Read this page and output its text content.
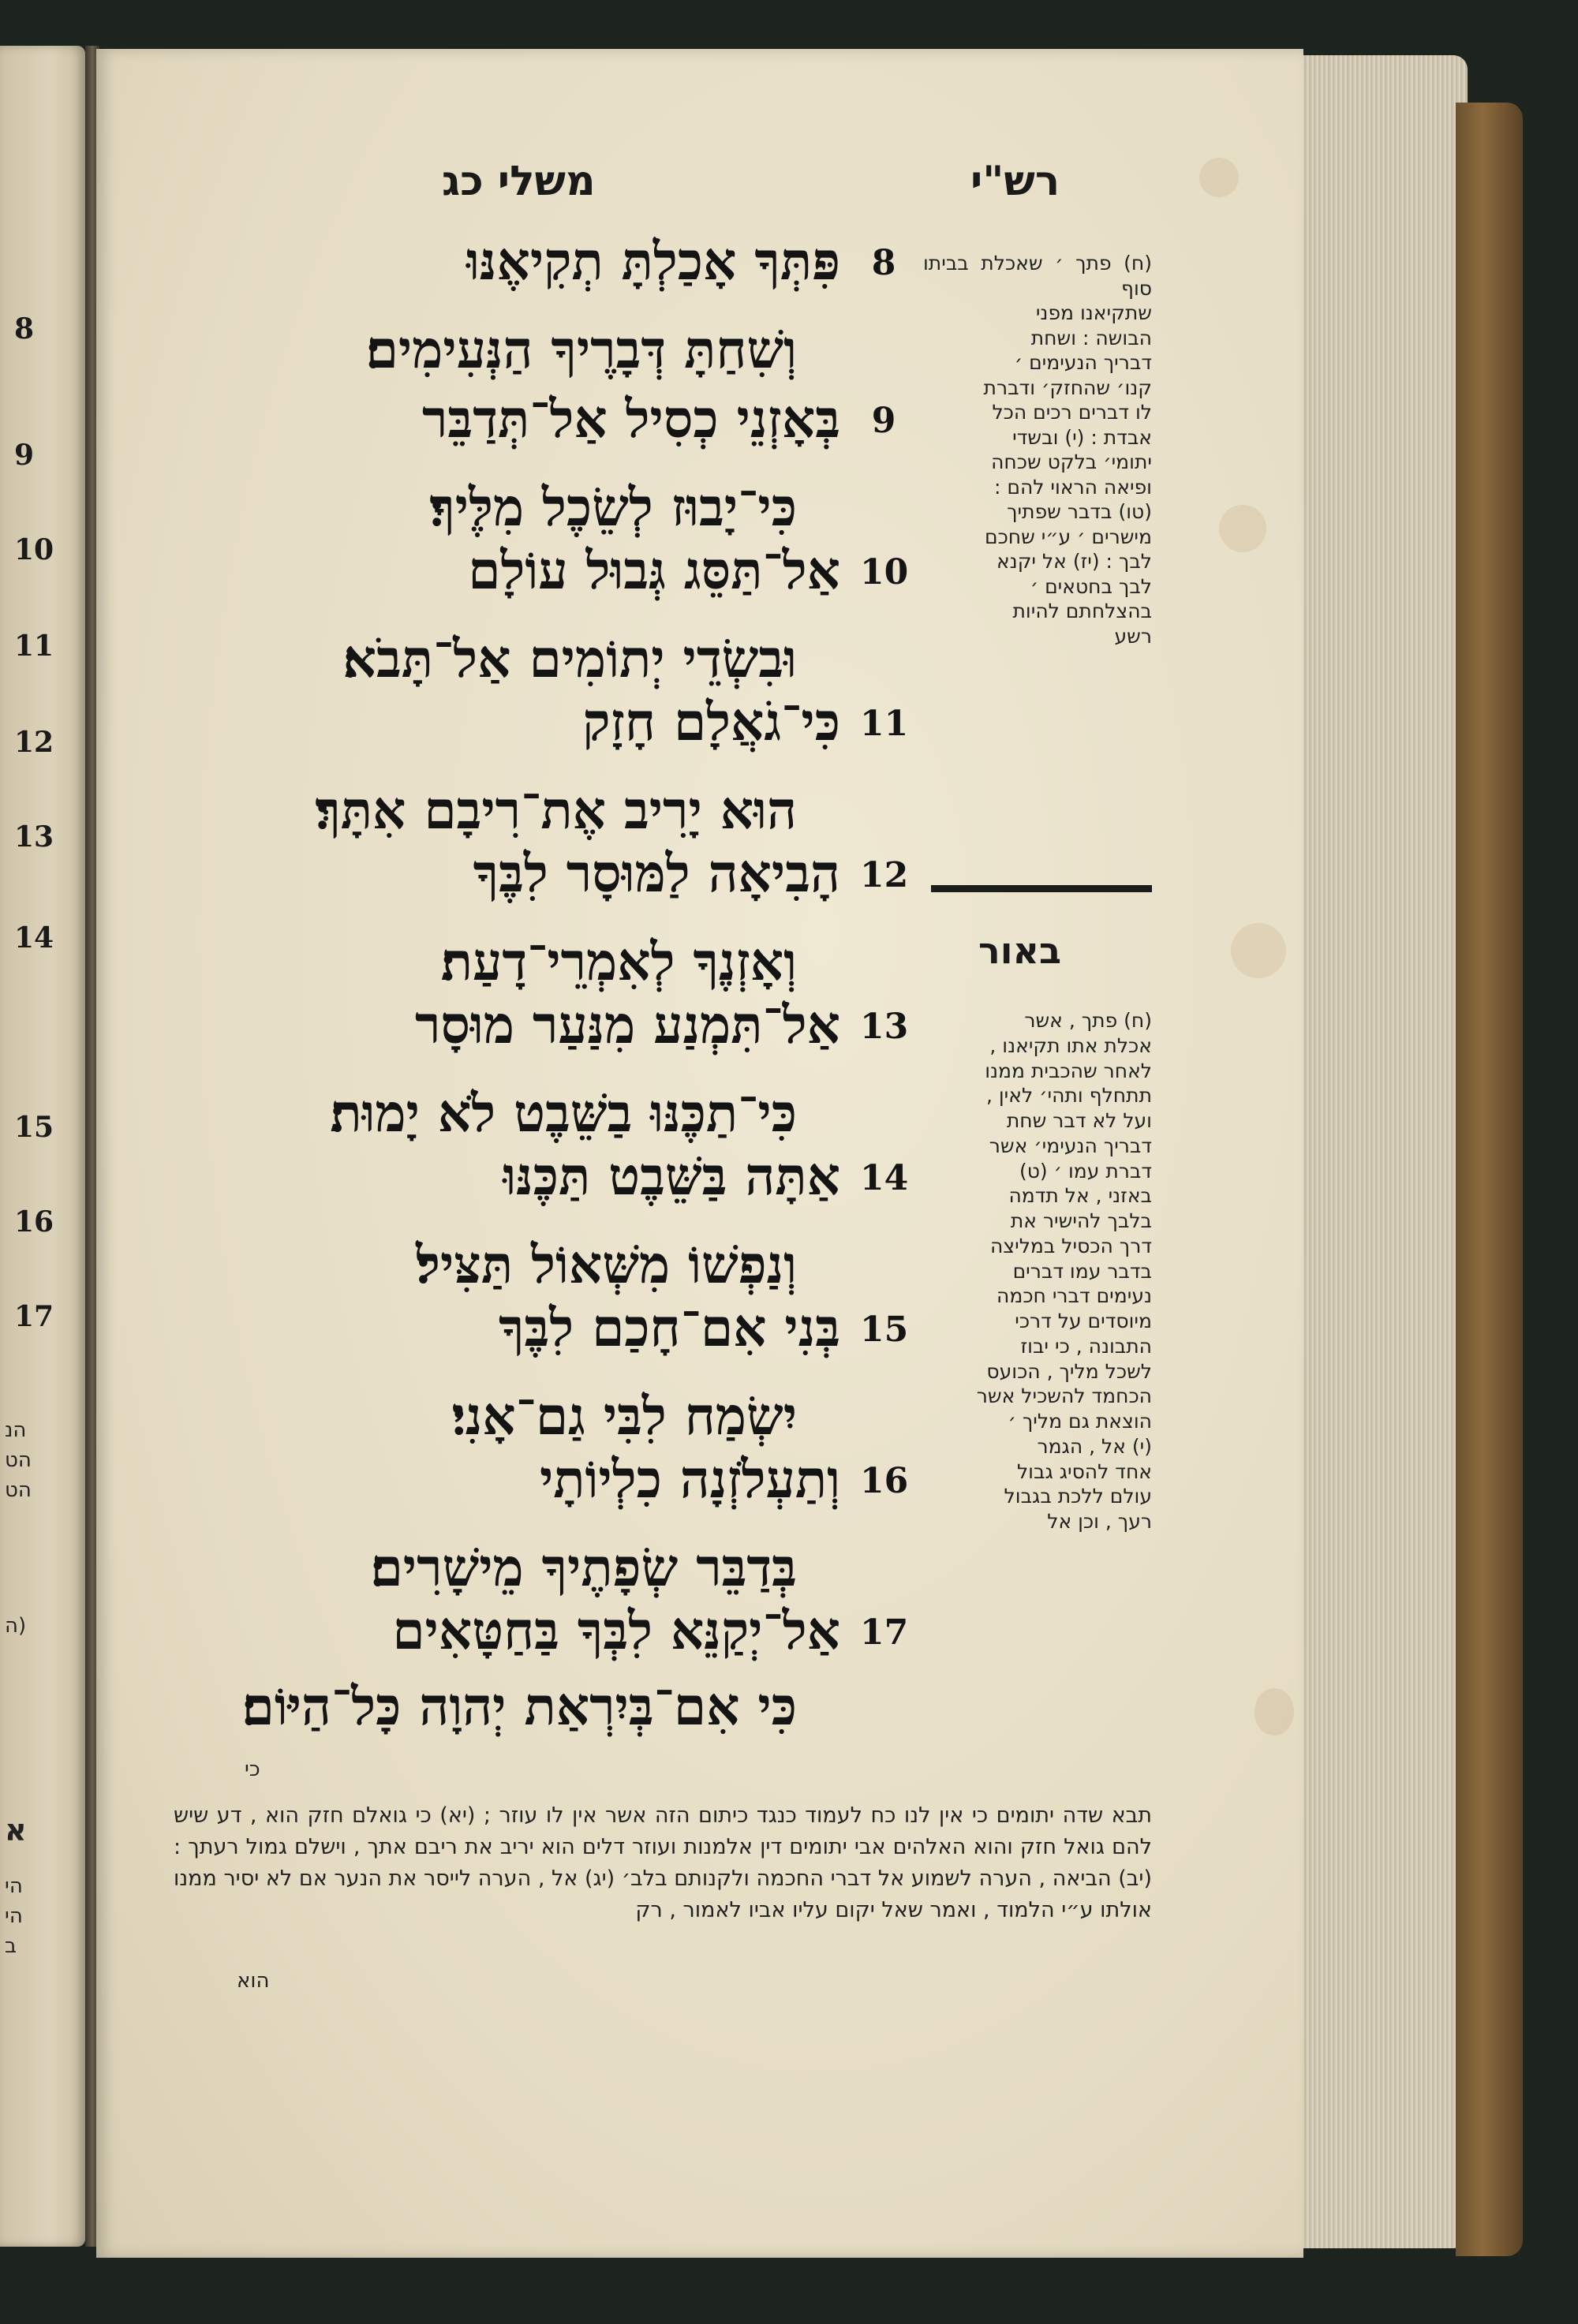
8
9
10
11
12
13
14
15
16
17
הנ
הט
הט
(ה
א
הי
הי
ב
משלי כג	רש"י
8
פִּתְּךָ אָכַלְתָּ תְקִיאֶנּוּ
וְשִׁחַתָּ דְּבָרֶיךָ הַנְּעִימִים׃
9
בְּאָזְנֵי כְסִיל אַל־תְּדַבֵּר
כִּי־יָבוּז לְשֵׂכֶל מִלֶּיךָ׃
10
אַל־תַּסֵּג גְּבוּל עוֹלָם
וּבִשְׂדֵי יְתוֹמִים אַל־תָּבֹא׃
11
כִּי־גֹאֲלָם חָזָק
הוּא יָרִיב אֶת־רִיבָם אִתָּךְ׃
12
הָבִיאָה לַמּוּסָר לִבֶּךָ
וְאָזְנֶךָ לְאִמְרֵי־דָעַת׃
13
אַל־תִּמְנַע מִנַּעַר מוּסָר
כִּי־תַכֶּנּוּ בַשֵּׁבֶט לֹא יָמוּת׃
14
אַתָּה בַּשֵּׁבֶט תַּכֶּנּוּ
וְנַפְשׁוֹ מִשְּׁאוֹל תַּצִּיל׃
15
בְּנִי אִם־חָכַם לִבֶּךָ
יִשְׂמַח לִבִּי גַם־אָנִי׃
16
וְתַעְלֹזְנָה כִלְיוֹתָי
בְּדַבֵּר שְׂפָתֶיךָ מֵישָׁרִים׃
17
אַל־יְקַנֵּא לִבְּךָ בַּחַטָּאִים
כִּי אִם־בְּיִרְאַת יְהוָה כָּל־הַיּוֹם׃
(ח) פתך ׳ שאכלת בביתו סוף
שתקיאנו מפני
הבושה : ושחת
דבריך הנעימים ׳
קנו׳ שהחזק׳ ודברת
לו דברים רכים הכל
אבדת : (י) ובשדי
יתומי׳ בלקט שכחה
ופיאה הראוי להם :
(טו) בדבר שפתיך
מישרים ׳ ע״י שחכם
לבך : (יז) אל יקנא
לבך בחטאים ׳
בהצלחתם להיות
רשע
באור
(ח) פתך , אשר
אכלת אתו תקיאנו ,
לאחר שהכבית ממנו
תתחלף ותהי׳ לאין ,
ועל לא דבר שחת
דבריך הנעימי׳ אשר
דברת עמו ׳ (ט)
באזני , אל תדמה
בלבך להישיר את
דרך הכסיל במליצה
בדבר עמו דברים
נעימים דברי חכמה
מיוסדים על דרכי
התבונה , כי יבוז
לשכל מליך , הכועס
הכחמד להשכיל אשר
הוצאת גם מליך ׳
(י) אל , הגמר
אחד להסיג גבול
עולם ללכת בגבול
רעך , וכן אל
כי
תבא שדה יתומים כי אין לנו כח לעמוד כנגד כיתום הזה אשר אין לו עוזר ; (יא) כי גואלם חזק הוא , דע שיש להם גואל חזק והוא האלהים אבי יתומים דין אלמנות ועוזר דלים הוא יריב את ריבם אתך , וישלם גמול רעתך : (יב) הביאה , הערה לשמוע אל דברי החכמה ולקנותם בלב׳ (יג) אל , הערה לייסר את הנער אם לא יסיר ממנו אולתו ע״י הלמוד , ואמר שאל יקום עליו אביו לאמור , רק
הוא
